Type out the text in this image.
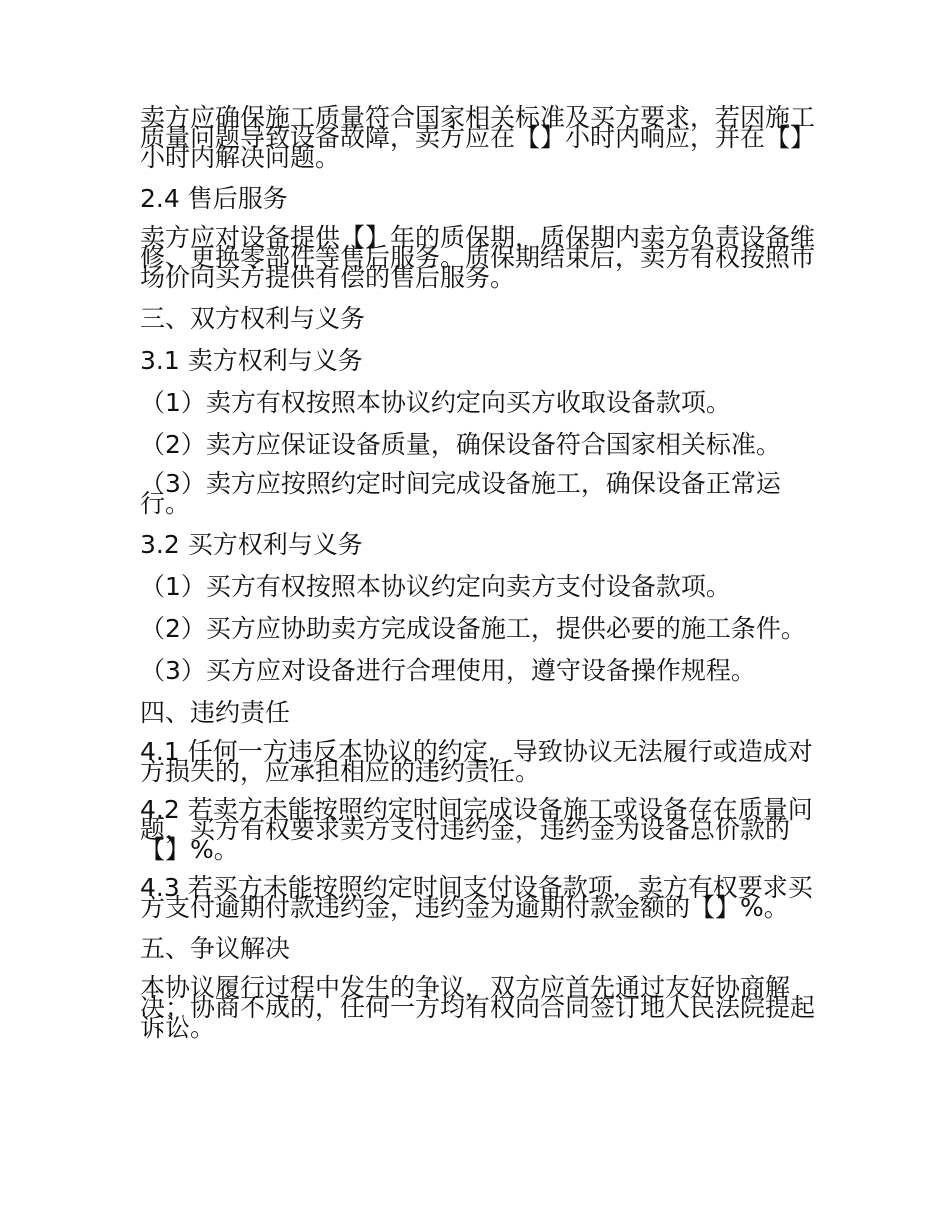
卖方应确保施工质量符合国家相关标准及买方要求，若因施工质量问题导致设备故障，卖方应在【】小时内响应，并在【】小时内解决问题。

2.4 售后服务

卖方应对设备提供【】年的质保期，质保期内卖方负责设备维修、更换零部件等售后服务。质保期结束后，卖方有权按照市场价向买方提供有偿的售后服务。

三、双方权利与义务

3.1 卖方权利与义务

（1）卖方有权按照本协议约定向买方收取设备款项。

（2）卖方应保证设备质量，确保设备符合国家相关标准。

（3）卖方应按照约定时间完成设备施工，确保设备正常运行。

3.2 买方权利与义务

（1）买方有权按照本协议约定向卖方支付设备款项。

（2）买方应协助卖方完成设备施工，提供必要的施工条件。

（3）买方应对设备进行合理使用，遵守设备操作规程。

四、违约责任

4.1 任何一方违反本协议的约定，导致协议无法履行或造成对方损失的，应承担相应的违约责任。

4.2 若卖方未能按照约定时间完成设备施工或设备存在质量问题，买方有权要求卖方支付违约金，违约金为设备总价款的【】%。

4.3 若买方未能按照约定时间支付设备款项，卖方有权要求买方支付逾期付款违约金，违约金为逾期付款金额的【】%。

五、争议解决

本协议履行过程中发生的争议，双方应首先通过友好协商解决；协商不成的，任何一方均有权向合同签订地人民法院提起诉讼。
